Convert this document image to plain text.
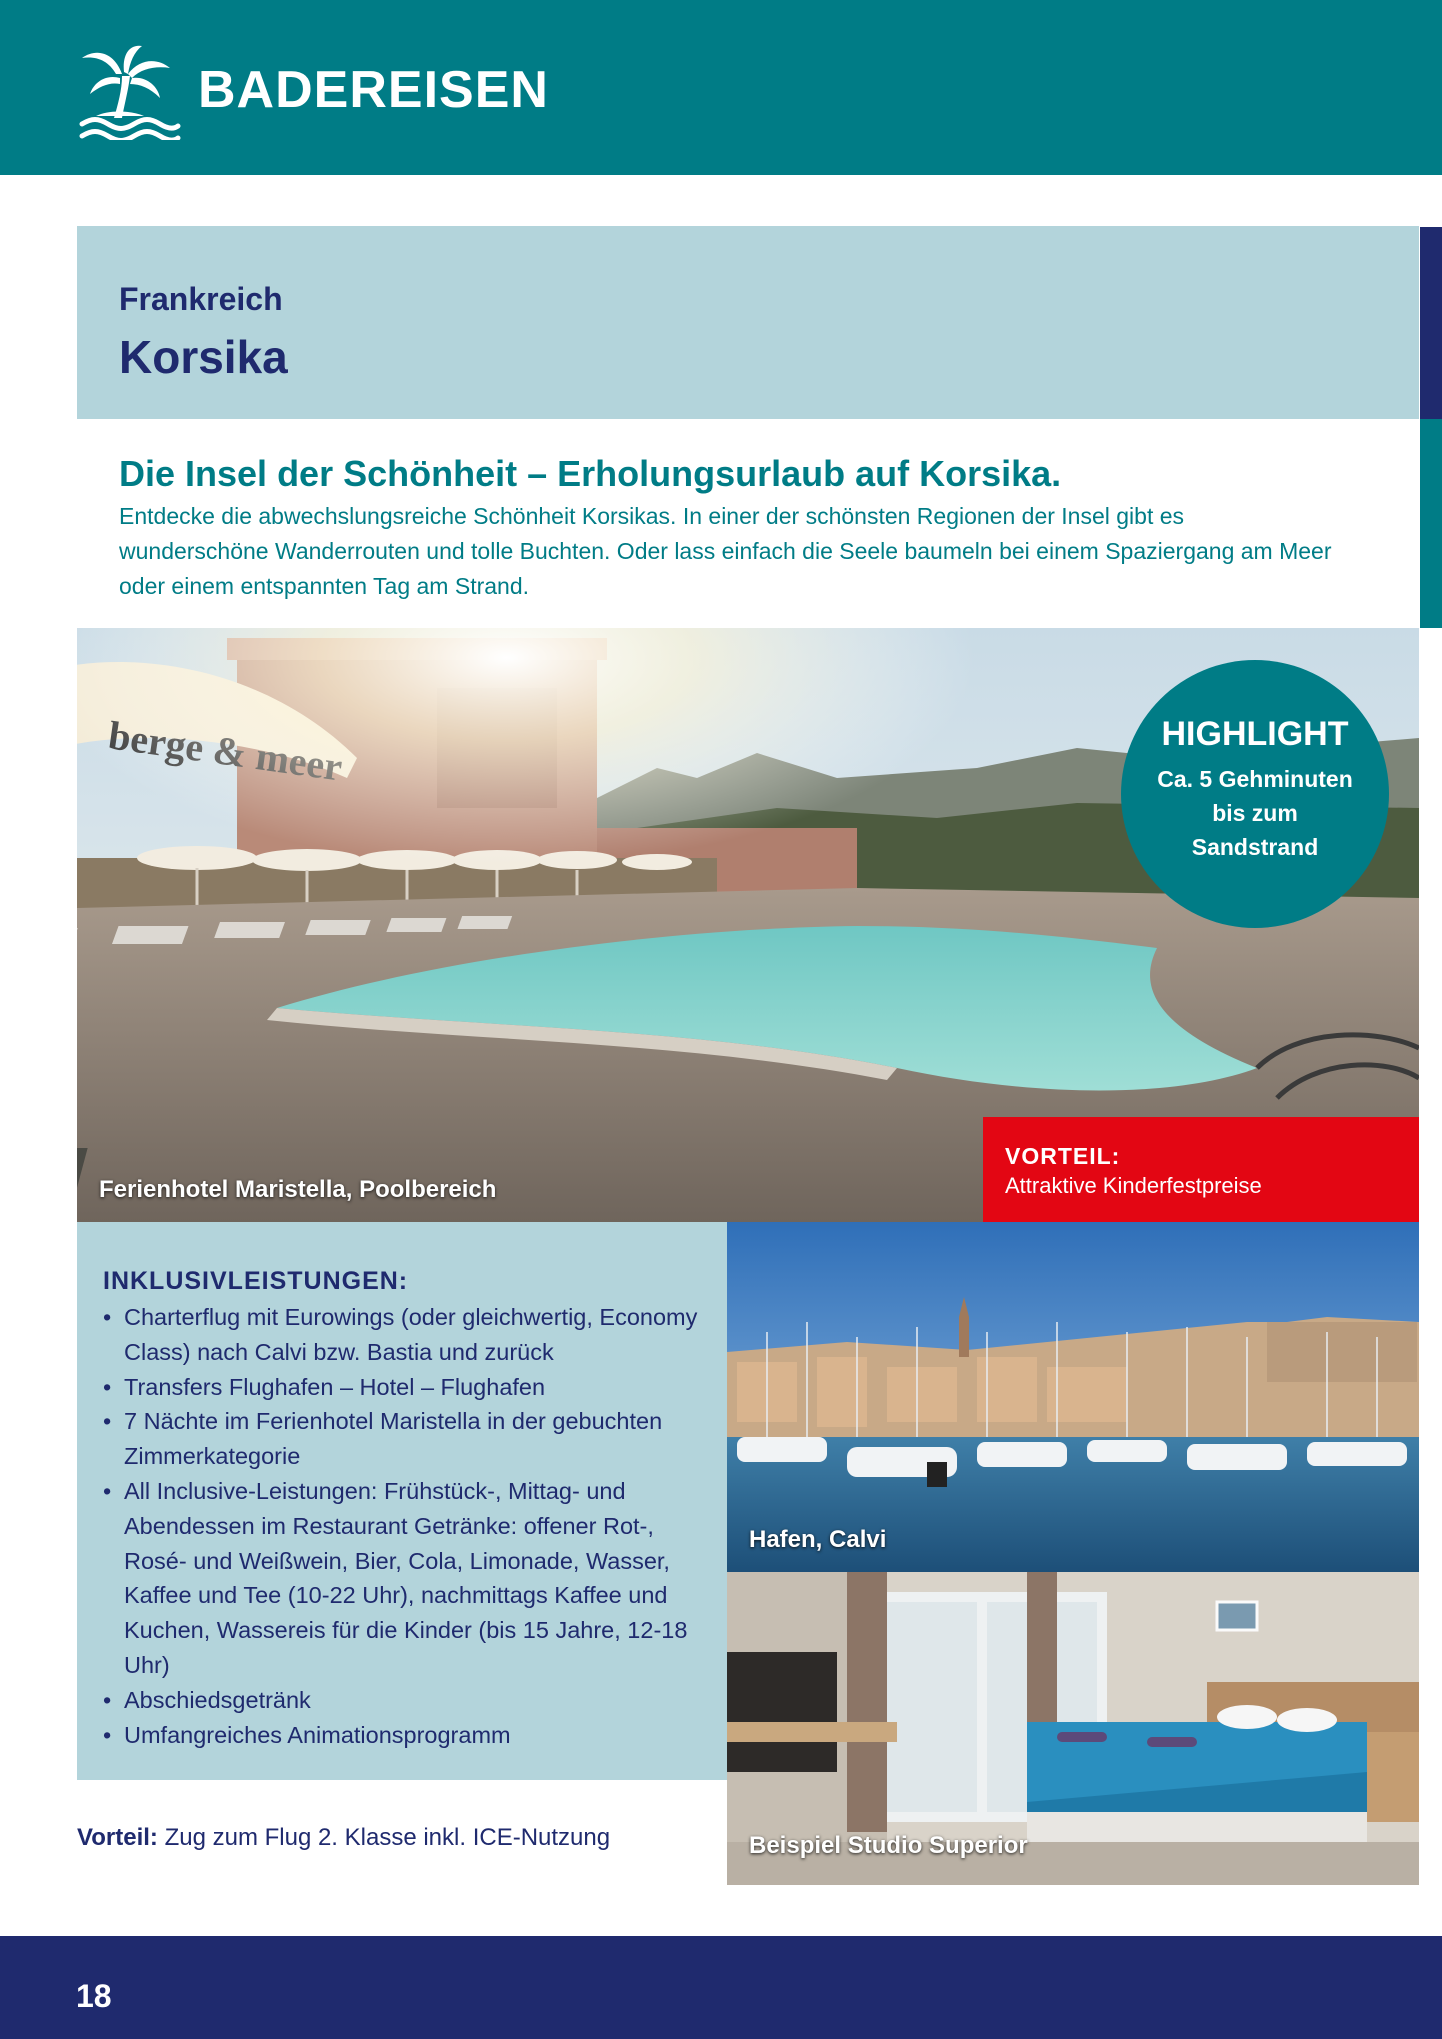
BADEREISEN
Frankreich
Korsika
Die Insel der Schönheit – Erholungsurlaub auf Korsika.
Entdecke die abwechslungsreiche Schönheit Korsikas. In einer der schönsten Regionen der Insel gibt es wunderschöne Wanderrouten und tolle Buchten. Oder lass einfach die Seele baumeln bei einem Spaziergang am Meer oder einem entspannten Tag am Strand.
Ferienhotel Maristella, Poolbereich
HIGHLIGHT
Ca. 5 Gehminuten bis zum Sandstrand
VORTEIL:
Attraktive Kinderfestpreise
INKLUSIVLEISTUNGEN:
• Charterflug mit Eurowings (oder gleichwertig, Economy Class) nach Calvi bzw. Bastia und zurück
• Transfers Flughafen – Hotel – Flughafen
• 7 Nächte im Ferienhotel Maristella in der gebuchten Zimmerkategorie
• All Inclusive-Leistungen: Frühstück-, Mittag- und Abendessen im Restaurant Getränke: offener Rot-, Rosé- und Weißwein, Bier, Cola, Limonade, Wasser, Kaffee und Tee (10-22 Uhr), nachmittags Kaffee und Kuchen, Wassereis für die Kinder (bis 15 Jahre, 12-18 Uhr)
• Abschiedsgetränk
• Umfangreiches Animationsprogramm
Vorteil: Zug zum Flug 2. Klasse inkl. ICE-Nutzung
Hafen, Calvi
Beispiel Studio Superior
18
